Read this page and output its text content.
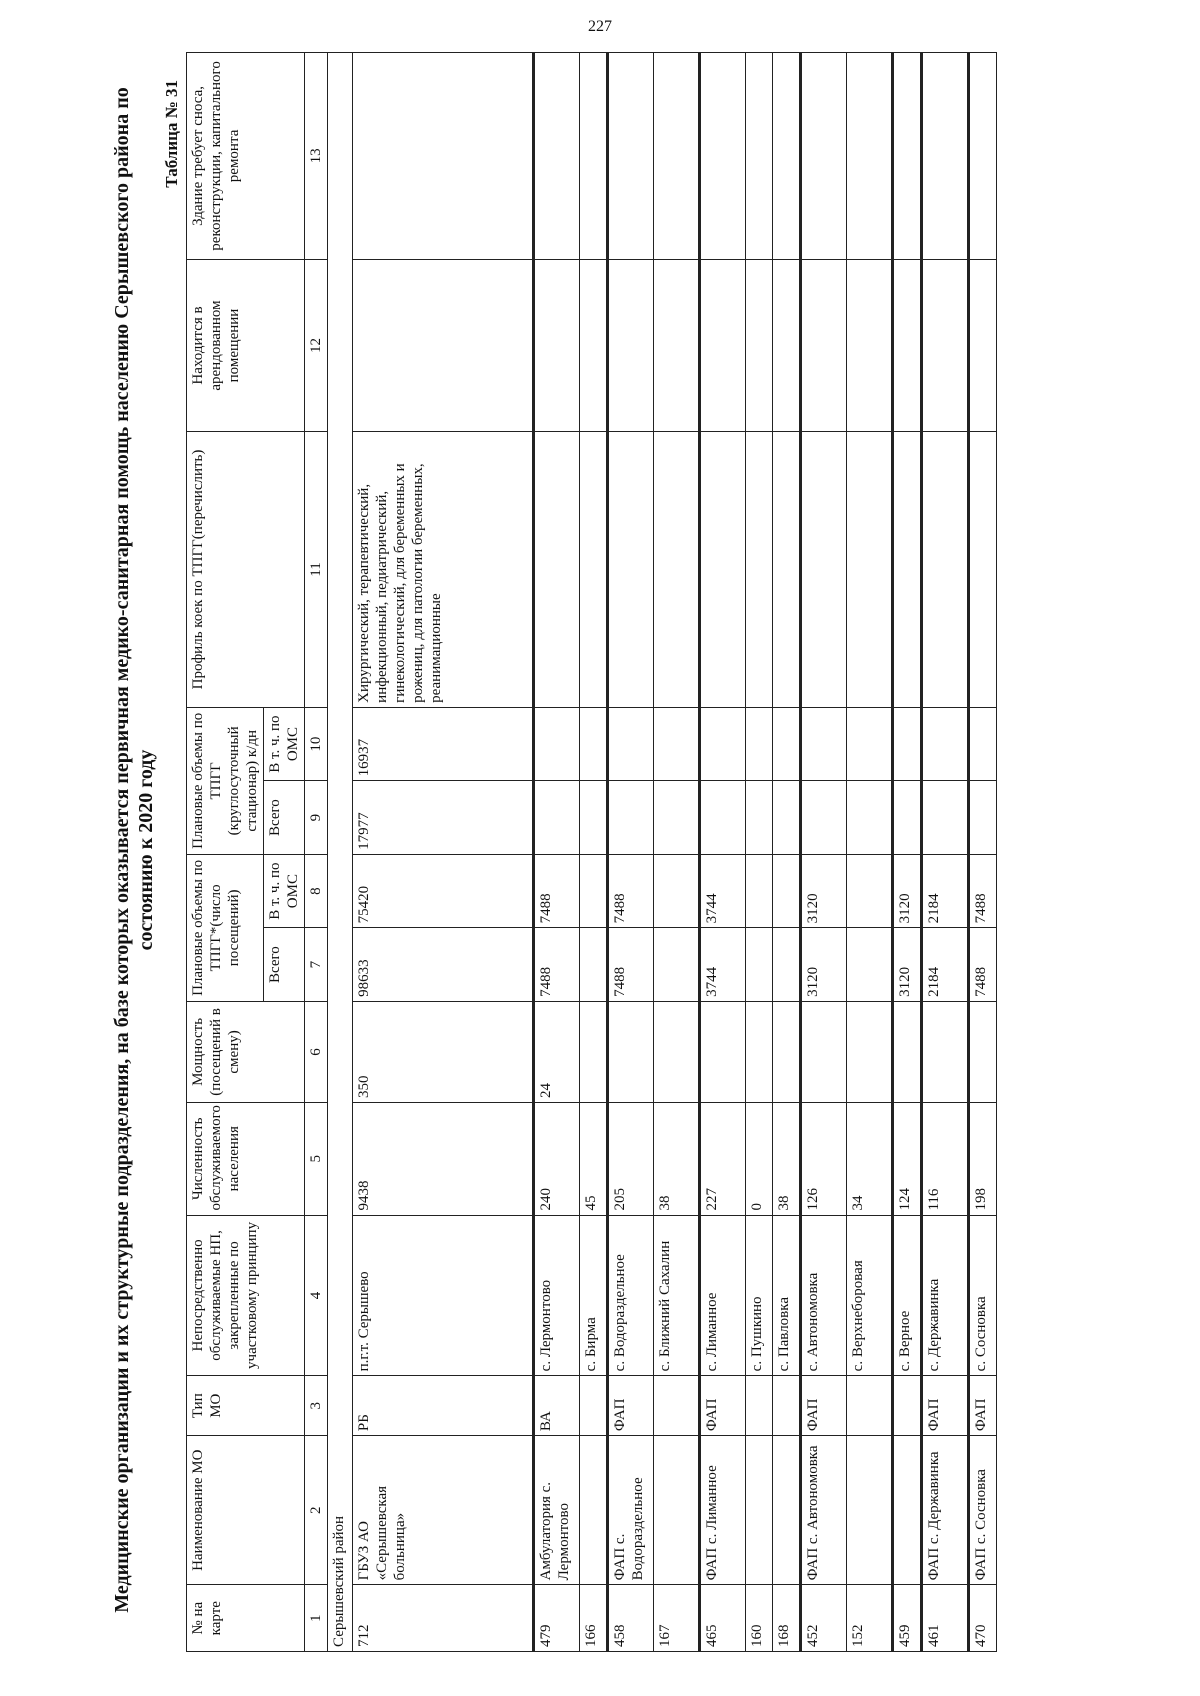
227
Медицинские организации и их структурные подразделения, на базе которых оказывается первичная медико-санитарная помощь населению Серышевского района по состоянию к 2020 году
Таблица № 31
№ на карте	Наименование МО	Тип МО	Непосредственно обслуживаемые НП, закрепленные по участковому принципу	Численность обслуживаемого населения	Мощность (посещений в смену)	Плановые объемы по ТПГГ*(число посещений)		Плановые объемы по ТПГГ (круглосуточный стационар) к/дн		Профиль коек по ТПГГ(перечислить)	Находится в арендованном помещении	Здание требует сноса, реконструкции, капитального ремонта
						Всего	В т. ч. по ОМС	Всего	В т. ч. по ОМС			
1	2	3	4	5	6	7	8	9	10	11	12	13
Серышевский район												
712	ГБУЗ АО «Серышевская больница»	РБ	п.г.т. Серышево	9438	350	98633	75420	17977	16937	Хирургический, терапевтический, инфекционный, педиатрический, гинекологический, для беременных и рожениц, для патологии беременных, реанимационные		
479	Амбулатория с. Лермонтово	ВА	с. Лермонтово	240	24	7488	7488					
166			с. Бирма	45								
458	ФАП с. Водораздельное	ФАП	с. Водораздельное	205		7488	7488					
167			с. Ближний Сахалин	38								
465	ФАП с. Лиманное	ФАП	с. Лиманное	227		3744	3744					
160			с. Пушкино	0								
168			с. Павловка	38								
452	ФАП с. Автономовка	ФАП	с. Автономовка	126		3120	3120					
152			с. Верхнеборовая	34								
459			с. Верное	124		3120	3120					
461	ФАП с. Державинка	ФАП	с. Державинка	116		2184	2184					
470	ФАП с. Сосновка	ФАП	с. Сосновка	198		7488	7488					
